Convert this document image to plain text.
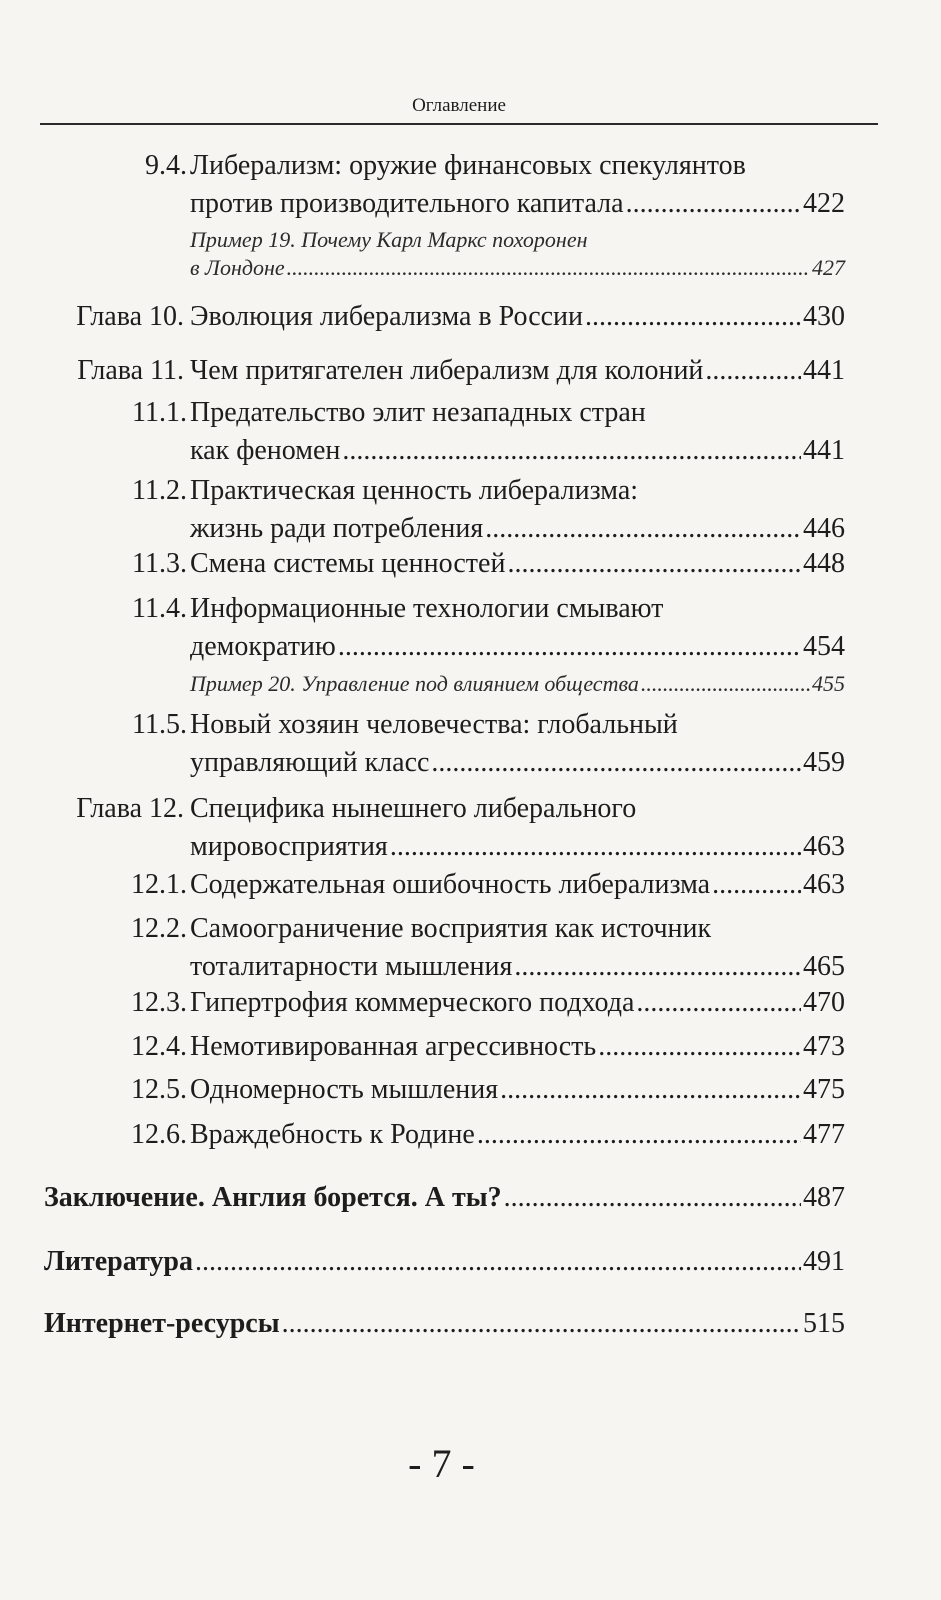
Оглавление
9.4. Либерализм: оружие финансовых спекулянтов
против производительного капитала .....	422
Пример 19. Почему Карл Маркс похоронен
в Лондоне .....	427
Глава 10. Эволюция либерализма в России .....	430
Глава 11. Чем притягателен либерализм для колоний .....	441
11.1. Предательство элит незападных стран
как феномен .....	441
11.2. Практическая ценность либерализма:
жизнь ради потребления .....	446
11.3. Смена системы ценностей .....	448
11.4. Информационные технологии смывают
демократию .....	454
Пример 20. Управление под влиянием общества .....	455
11.5. Новый хозяин человечества: глобальный
управляющий класс .....	459
Глава 12. Специфика нынешнего либерального
мировосприятия .....	463
12.1. Содержательная ошибочность либерализма .....	463
12.2. Самоограничение восприятия как источник
тоталитарности мышления .....	465
12.3. Гипертрофия коммерческого подхода .....	470
12.4. Немотивированная агрессивность .....	473
12.5. Одномерность мышления .....	475
12.6. Враждебность к Родине .....	477
Заключение. Англия борется. А ты? .....	487
Литература .....	491
Интернет-ресурсы .....	515
- 7 -
